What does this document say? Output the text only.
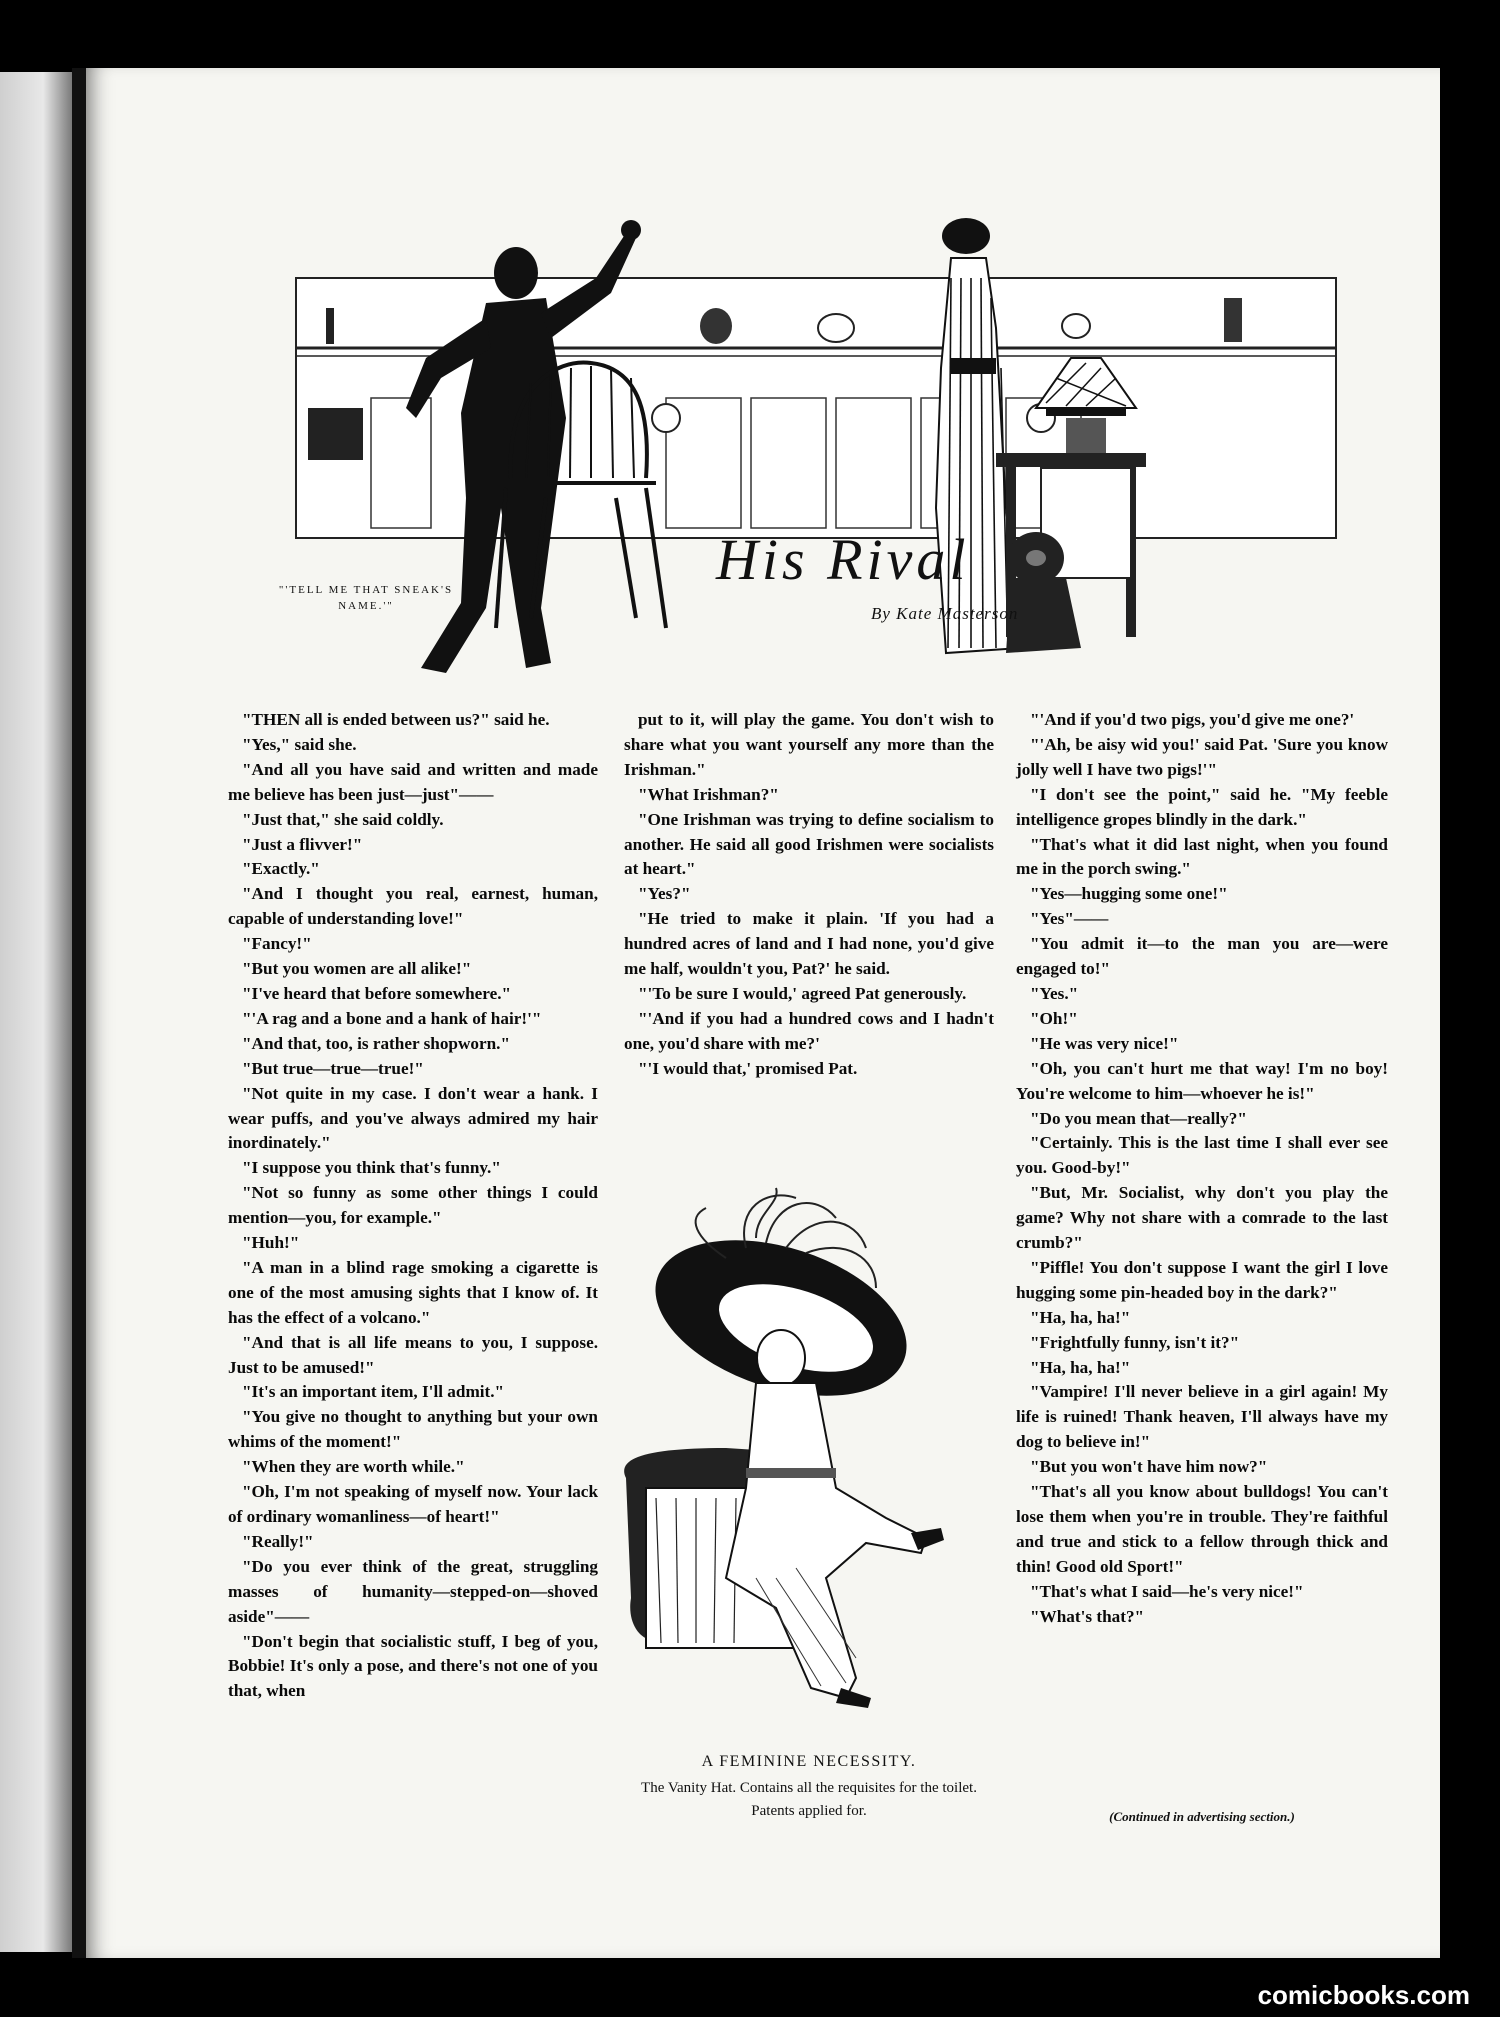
"'TELL ME THAT SNEAK'S NAME.'"
His Rival
By Kate Masterson

"THEN all is ended between us?" said he.

"Yes," said she.

"And all you have said and written and made me believe has been just—just"——

"Just that," she said coldly.

"Just a flivver!"

"Exactly."

"And I thought you real, earnest, human, capable of understanding love!"

"Fancy!"

"But you women are all alike!"

"I've heard that before somewhere."

"'A rag and a bone and a hank of hair!'"

"And that, too, is rather shopworn."

"But true—true—true!"

"Not quite in my case. I don't wear a hank. I wear puffs, and you've always admired my hair inordinately."

"I suppose you think that's funny."

"Not so funny as some other things I could mention—you, for example."

"Huh!"

"A man in a blind rage smoking a cigarette is one of the most amusing sights that I know of. It has the effect of a volcano."

"And that is all life means to you, I suppose. Just to be amused!"

"It's an important item, I'll admit."

"You give no thought to anything but your own whims of the moment!"

"When they are worth while."

"Oh, I'm not speaking of myself now. Your lack of ordinary womanliness—of heart!"

"Really!"

"Do you ever think of the great, struggling masses of humanity—stepped-on—shoved aside"——

"Don't begin that socialistic stuff, I beg of you, Bobbie! It's only a pose, and there's not one of you that, when

put to it, will play the game. You don't wish to share what you want yourself any more than the Irishman."

"What Irishman?"

"One Irishman was trying to define socialism to another. He said all good Irishmen were socialists at heart."

"Yes?"

"He tried to make it plain. 'If you had a hundred acres of land and I had none, you'd give me half, wouldn't you, Pat?' he said.

"'To be sure I would,' agreed Pat generously.

"'And if you had a hundred cows and I hadn't one, you'd share with me?'

"'I would that,' promised Pat.

A FEMININE NECESSITY.
The Vanity Hat. Contains all the requisites for the toilet. Patents applied for.

"'And if you'd two pigs, you'd give me one?'

"'Ah, be aisy wid you!' said Pat. 'Sure you know jolly well I have two pigs!'"

"I don't see the point," said he. "My feeble intelligence gropes blindly in the dark."

"That's what it did last night, when you found me in the porch swing."

"Yes—hugging some one!"

"Yes"——

"You admit it—to the man you are—were engaged to!"

"Yes."

"Oh!"

"He was very nice!"

"Oh, you can't hurt me that way! I'm no boy! You're welcome to him—whoever he is!"

"Do you mean that—really?"

"Certainly. This is the last time I shall ever see you. Good-by!"

"But, Mr. Socialist, why don't you play the game? Why not share with a comrade to the last crumb?"

"Piffle! You don't suppose I want the girl I love hugging some pin-headed boy in the dark?"

"Ha, ha, ha!"

"Frightfully funny, isn't it?"

"Ha, ha, ha!"

"Vampire! I'll never believe in a girl again! My life is ruined! Thank heaven, I'll always have my dog to believe in!"

"But you won't have him now?"

"That's all you know about bulldogs! You can't lose them when you're in trouble. They're faithful and true and stick to a fellow through thick and thin! Good old Sport!"

"That's what I said—he's very nice!"

"What's that?"

(Continued in advertising section.)
comicbooks.com
